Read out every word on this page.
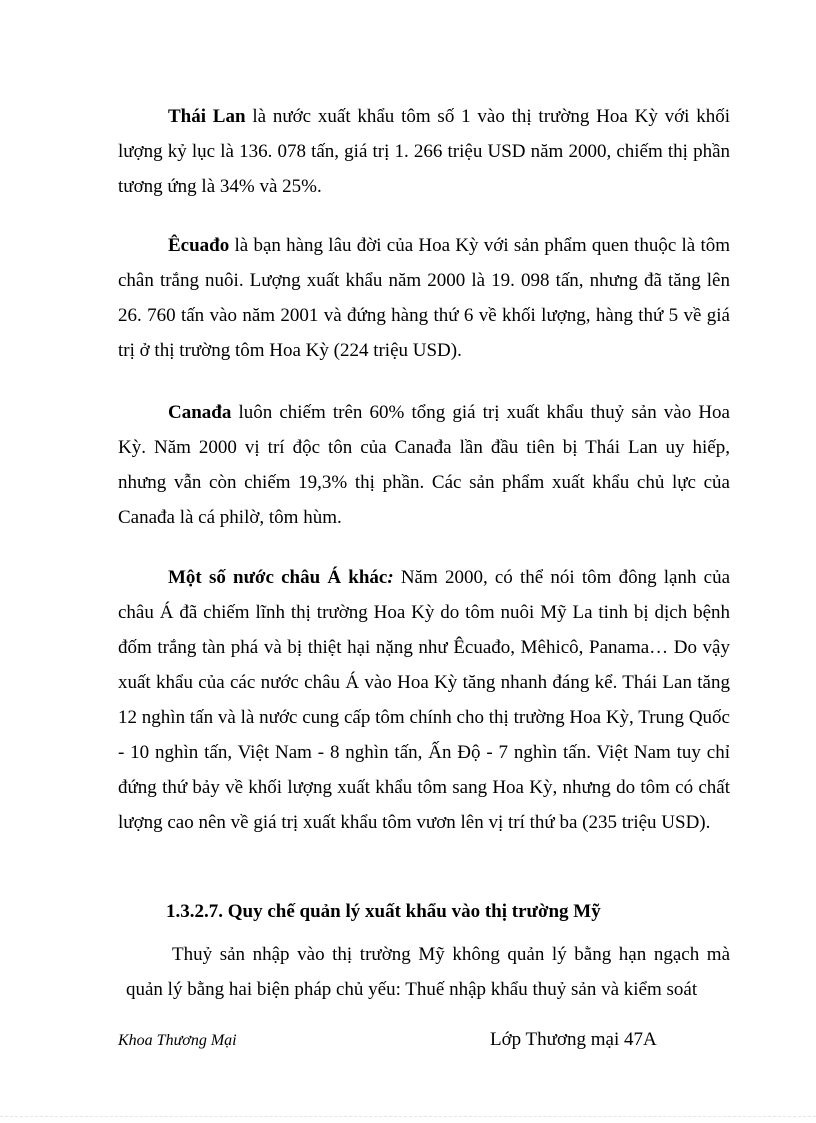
Thái Lan là nước xuất khẩu tôm số 1 vào thị trường Hoa Kỳ với khối lượng kỷ lục là 136. 078 tấn, giá trị 1. 266 triệu USD năm 2000, chiếm thị phần tương ứng là 34% và 25%.

Êcuađo là bạn hàng lâu đời của Hoa Kỳ với sản phẩm quen thuộc là tôm chân trắng nuôi. Lượng xuất khẩu năm 2000 là 19. 098 tấn, nhưng đã tăng lên 26. 760 tấn vào năm 2001 và đứng hàng thứ 6 về khối lượng, hàng thứ 5 về giá trị ở thị trường tôm Hoa Kỳ (224 triệu USD).

Canađa luôn chiếm trên 60% tổng giá trị xuất khẩu thuỷ sản vào Hoa Kỳ. Năm 2000 vị trí độc tôn của Canađa lần đầu tiên bị Thái Lan uy hiếp, nhưng vẫn còn chiếm 19,3% thị phần. Các sản phẩm xuất khẩu chủ lực của Canađa là cá philờ, tôm hùm.

Một số nước châu Á khác: Năm 2000, có thể nói tôm đông lạnh của châu Á đã chiếm lĩnh thị trường Hoa Kỳ do tôm nuôi Mỹ La tinh bị dịch bệnh đốm trắng tàn phá và bị thiệt hại nặng như Êcuađo, Mêhicô, Panama… Do vậy xuất khẩu của các nước châu Á vào Hoa Kỳ tăng nhanh đáng kể. Thái Lan tăng 12 nghìn tấn và là nước cung cấp tôm chính cho thị trường Hoa Kỳ, Trung Quốc - 10 nghìn tấn, Việt Nam - 8 nghìn tấn, Ấn Độ - 7 nghìn tấn. Việt Nam tuy chỉ đứng thứ bảy về khối lượng xuất khẩu tôm sang Hoa Kỳ, nhưng do tôm có chất lượng cao nên về giá trị xuất khẩu tôm vươn lên vị trí thứ ba (235 triệu USD).

1.3.2.7. Quy chế quản lý xuất khẩu vào thị trường Mỹ

Thuỷ sản nhập vào thị trường Mỹ không quản lý bằng hạn ngạch mà quản lý bằng hai biện pháp chủ yếu: Thuế nhập khẩu thuỷ sản và kiểm soát

Khoa Thương Mại	Lớp Thương mại 47A
